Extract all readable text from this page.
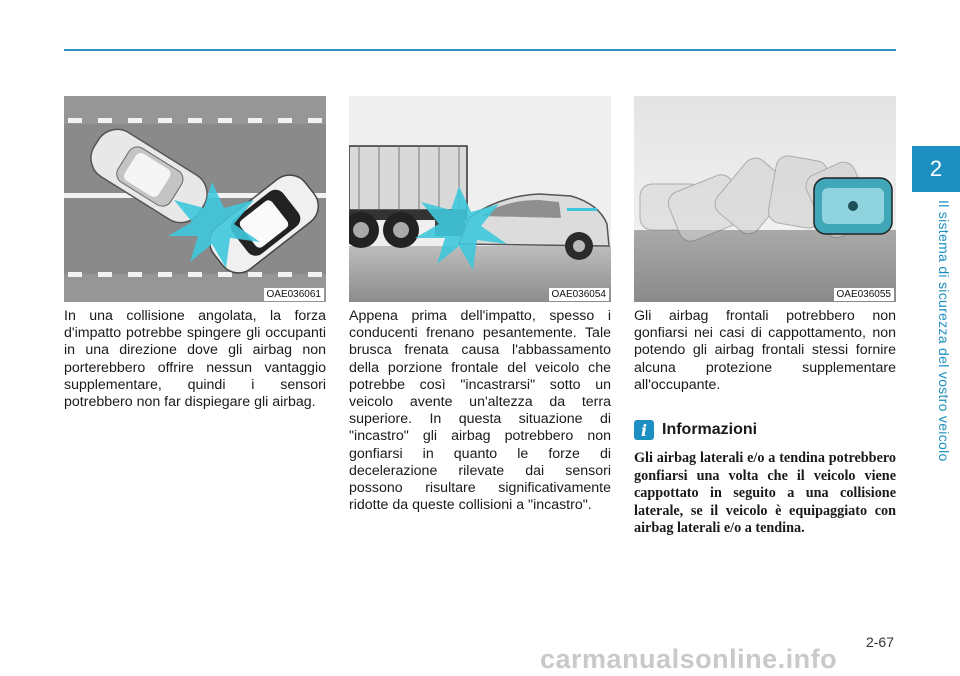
2
Il sistema di sicurezza del vostro veicolo
OAE036061	OAE036054	OAE036055

In una collisione angolata, la forza d'impatto potrebbe spingere gli occupanti in una direzione dove gli airbag non porterebbero offrire nessun vantaggio supplementare, quindi i sensori potrebbero non far dispiegare gli airbag.

Appena prima dell'impatto, spesso i conducenti frenano pesantemente. Tale brusca frenata causa l'abbassamento della porzione frontale del veicolo che potrebbe così "incastrarsi" sotto un veicolo avente un'altezza da terra superiore. In questa situazione di "incastro" gli airbag potrebbero non gonfiarsi in quanto le forze di decelerazione rilevate dai sensori possono risultare significativamente ridotte da queste collisioni a "incastro".

Gli airbag frontali potrebbero non gonfiarsi nei casi di cappottamento, non potendo gli airbag frontali stessi fornire alcuna protezione supplementare all'occupante.

i Informazioni

Gli airbag laterali e/o a tendina potrebbero gonfiarsi una volta che il veicolo viene cappottato in seguito a una collisione laterale, se il veicolo è equipaggiato con airbag laterali e/o a tendina.

2-67
carmanualsonline.info
